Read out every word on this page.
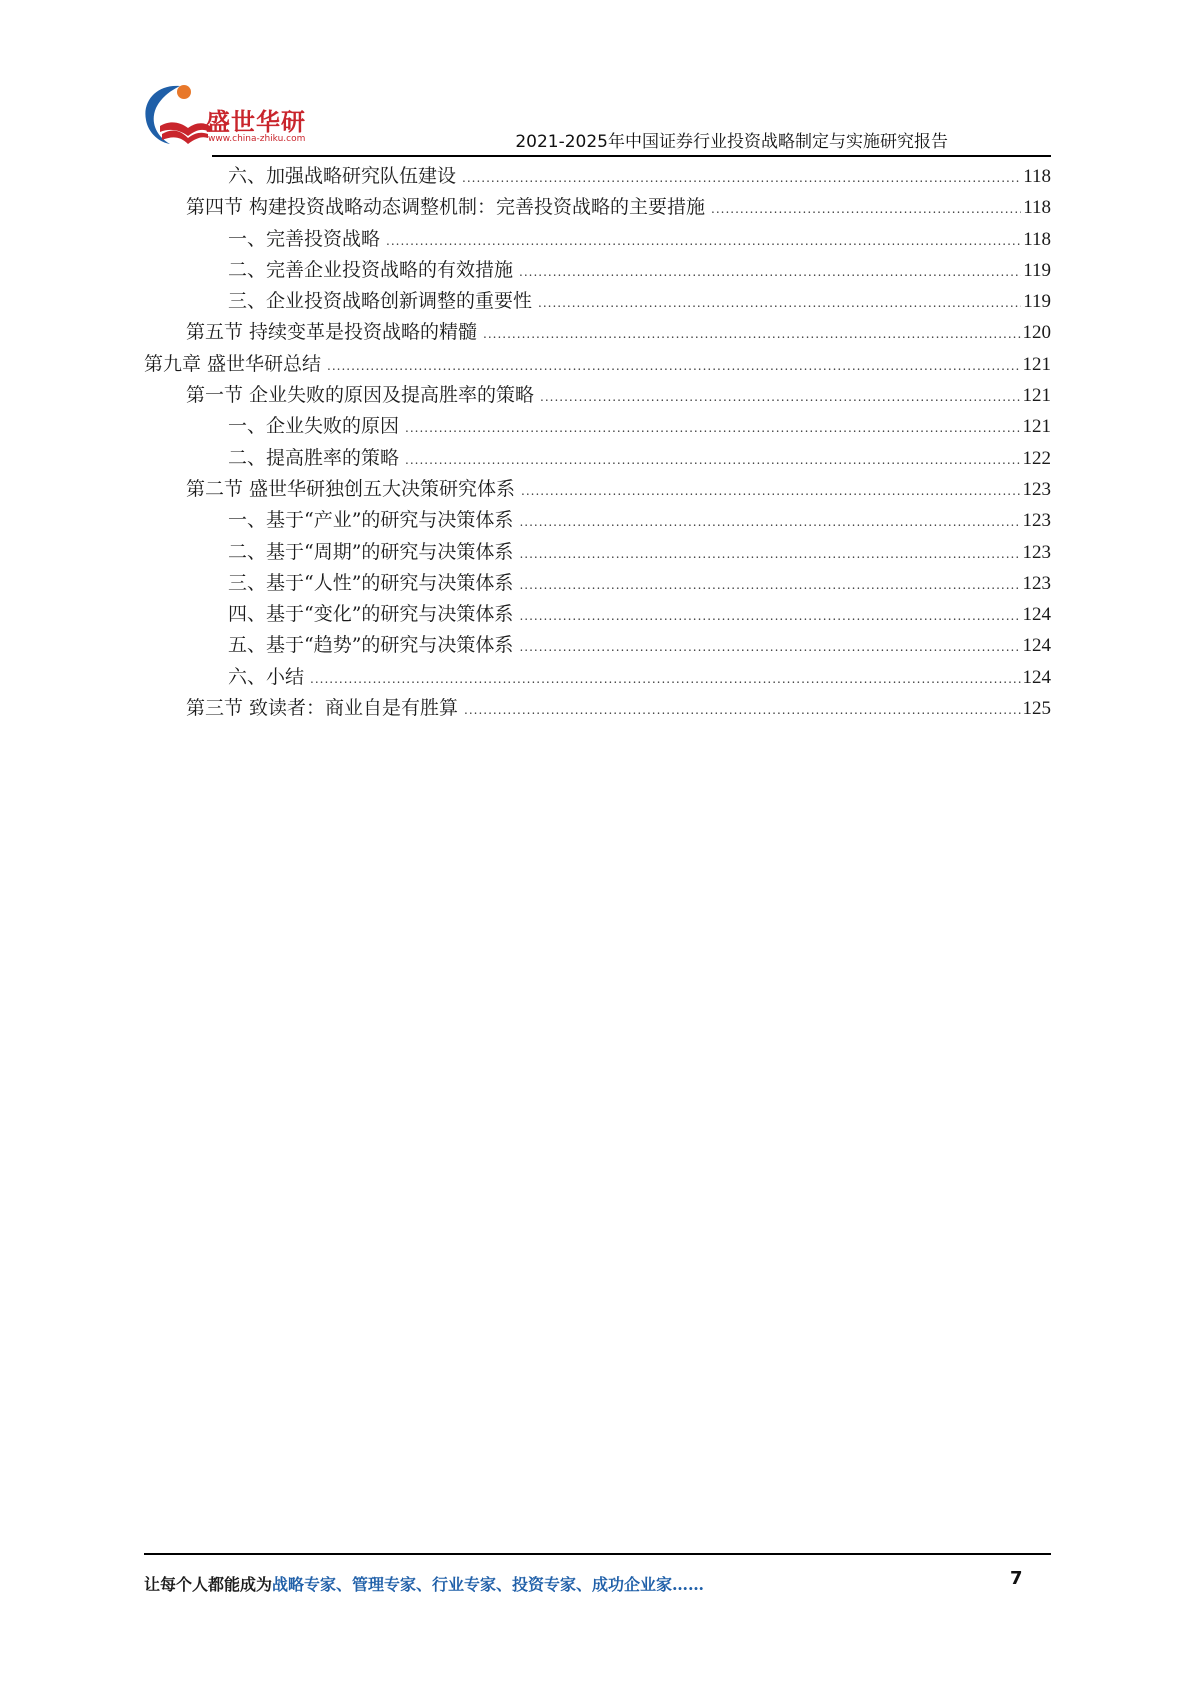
盛世华研
www.china-zhiku.com	2021-2025年中国证券行业投资战略制定与实施研究报告
六、加强战略研究队伍建设 .....	118
第四节 构建投资战略动态调整机制：完善投资战略的主要措施 .....	118
一、完善投资战略 .....	118
二、完善企业投资战略的有效措施 .....	119
三、企业投资战略创新调整的重要性 .....	119
第五节 持续变革是投资战略的精髓 .....	120
第九章 盛世华研总结 .....	121
第一节 企业失败的原因及提高胜率的策略 .....	121
一、企业失败的原因 .....	121
二、提高胜率的策略 .....	122
第二节 盛世华研独创五大决策研究体系 .....	123
一、基于“产业”的研究与决策体系 .....	123
二、基于“周期”的研究与决策体系 .....	123
三、基于“人性”的研究与决策体系 .....	123
四、基于“变化”的研究与决策体系 .....	124
五、基于“趋势”的研究与决策体系 .....	124
六、小结 .....	124
第三节 致读者：商业自是有胜算 .....	125
让每个人都能成为战略专家、管理专家、行业专家、投资专家、成功企业家……	7
